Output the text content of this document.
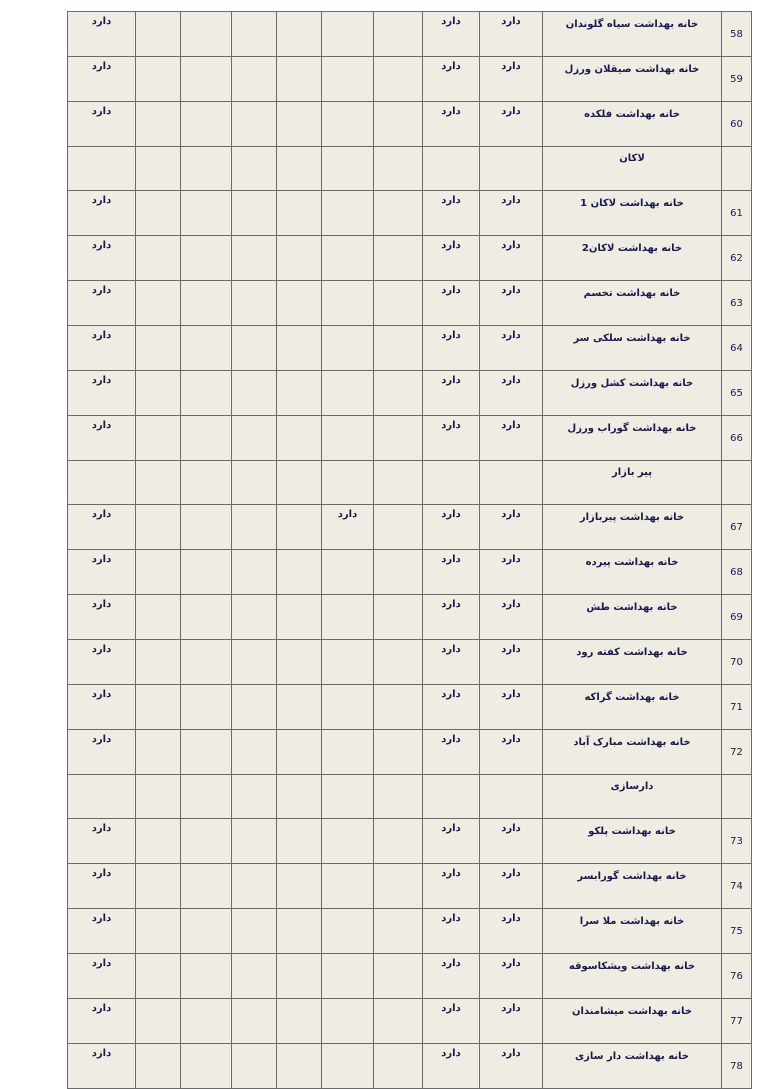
دارد							دارد	دارد	خانه بهداشت سیاه گلوندان	58
دارد							دارد	دارد	خانه بهداشت صیقلان ورزل	59
دارد							دارد	دارد	خانه بهداشت فلکده	60
									لاکان	
دارد							دارد	دارد	خانه بهداشت لاکان 1	61
دارد							دارد	دارد	خانه بهداشت لاکان2	62
دارد							دارد	دارد	خانه بهداشت تخسم	63
دارد							دارد	دارد	خانه بهداشت سلکی سر	64
دارد							دارد	دارد	خانه بهداشت کشل ورزل	65
دارد							دارد	دارد	خانه بهداشت گوراب ورزل	66
									پیر بازار	
دارد					دارد		دارد	دارد	خانه بهداشت پیربازار	67
دارد							دارد	دارد	خانه بهداشت پیرده	68
دارد							دارد	دارد	خانه بهداشت طش	69
دارد							دارد	دارد	خانه بهداشت کفته رود	70
دارد							دارد	دارد	خانه بهداشت گراکه	71
دارد							دارد	دارد	خانه بهداشت مبارک آباد	72
									دارسازی	
دارد							دارد	دارد	خانه بهداشت پلکو	73
دارد							دارد	دارد	خانه بهداشت گورابسر	74
دارد							دارد	دارد	خانه بهداشت ملا سرا	75
دارد							دارد	دارد	خانه بهداشت ویشکاسوقه	76
دارد							دارد	دارد	خانه بهداشت میشامندان	77
دازد							دارد	دارد	خانه بهداشت دار سازی	78
